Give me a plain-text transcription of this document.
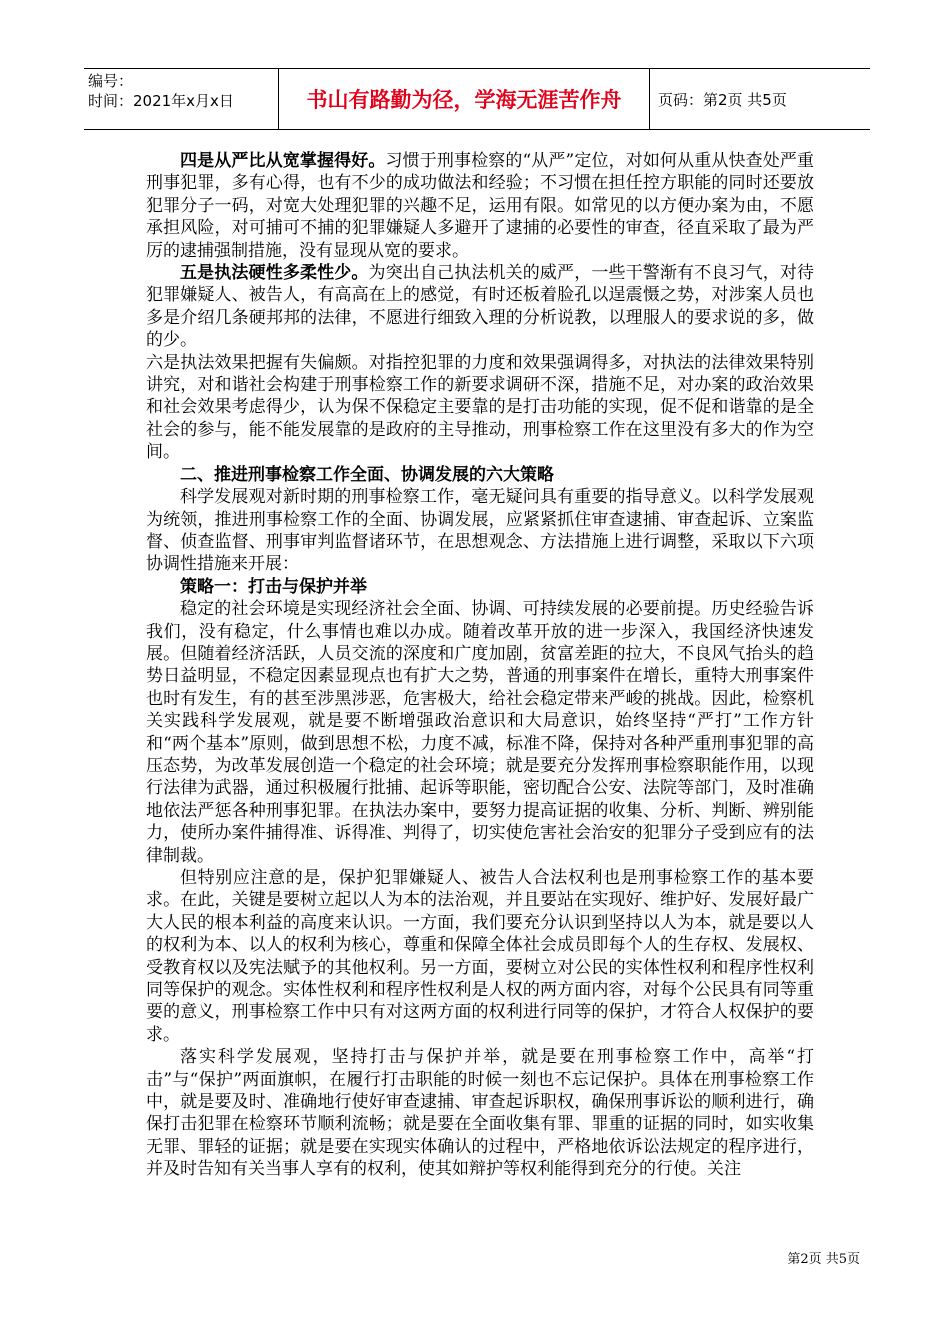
编号：
时间：2021年x月x日	书山有路勤为径，学海无涯苦作舟 页码：第2页 共5页

四是从严比从宽掌握得好。习惯于刑事检察的“从严”定位，对如何从重从快查处严重刑事犯罪，多有心得，也有不少的成功做法和经验；不习惯在担任控方职能的同时还要放犯罪分子一码，对宽大处理犯罪的兴趣不足，运用有限。如常见的以方便办案为由，不愿承担风险，对可捕可不捕的犯罪嫌疑人多避开了逮捕的必要性的审查，径直采取了最为严厉的逮捕强制措施，没有显现从宽的要求。

五是执法硬性多柔性少。为突出自己执法机关的威严，一些干警渐有不良习气，对待犯罪嫌疑人、被告人，有高高在上的感觉，有时还板着脸孔以逞震慑之势，对涉案人员也多是介绍几条硬邦邦的法律，不愿进行细致入理的分析说教，以理服人的要求说的多，做的少。

六是执法效果把握有失偏颇。对指控犯罪的力度和效果强调得多，对执法的法律效果特别讲究，对和谐社会构建于刑事检察工作的新要求调研不深，措施不足，对办案的政治效果和社会效果考虑得少，认为保不保稳定主要靠的是打击功能的实现，促不促和谐靠的是全社会的参与，能不能发展靠的是政府的主导推动，刑事检察工作在这里没有多大的作为空间。

二、推进刑事检察工作全面、协调发展的六大策略

科学发展观对新时期的刑事检察工作，毫无疑问具有重要的指导意义。以科学发展观为统领，推进刑事检察工作的全面、协调发展，应紧紧抓住审查逮捕、审查起诉、立案监督、侦查监督、刑事审判监督诸环节，在思想观念、方法措施上进行调整，采取以下六项协调性措施来开展：

策略一：打击与保护并举

稳定的社会环境是实现经济社会全面、协调、可持续发展的必要前提。历史经验告诉我们，没有稳定，什么事情也难以办成。随着改革开放的进一步深入，我国经济快速发展。但随着经济活跃，人员交流的深度和广度加剧，贫富差距的拉大，不良风气抬头的趋势日益明显，不稳定因素显现点也有扩大之势，普通的刑事案件在增长，重特大刑事案件也时有发生，有的甚至涉黑涉恶，危害极大，给社会稳定带来严峻的挑战。因此，检察机关实践科学发展观，就是要不断增强政治意识和大局意识，始终坚持“严打”工作方针和“两个基本”原则，做到思想不松，力度不减，标准不降，保持对各种严重刑事犯罪的高压态势，为改革发展创造一个稳定的社会环境；就是要充分发挥刑事检察职能作用，以现行法律为武器，通过积极履行批捕、起诉等职能，密切配合公安、法院等部门，及时准确地依法严惩各种刑事犯罪。在执法办案中，要努力提高证据的收集、分析、判断、辨别能力，使所办案件捕得准、诉得准、判得了，切实使危害社会治安的犯罪分子受到应有的法律制裁。

但特别应注意的是，保护犯罪嫌疑人、被告人合法权利也是刑事检察工作的基本要求。在此，关键是要树立起以人为本的法治观，并且要站在实现好、维护好、发展好最广大人民的根本利益的高度来认识。一方面，我们要充分认识到坚持以人为本，就是要以人的权利为本、以人的权利为核心，尊重和保障全体社会成员即每个人的生存权、发展权、受教育权以及宪法赋予的其他权利。另一方面，要树立对公民的实体性权利和程序性权利同等保护的观念。实体性权利和程序性权利是人权的两方面内容，对每个公民具有同等重要的意义，刑事检察工作中只有对这两方面的权利进行同等的保护，才符合人权保护的要求。

落实科学发展观，坚持打击与保护并举，就是要在刑事检察工作中，高举“打击”与“保护”两面旗帜，在履行打击职能的时候一刻也不忘记保护。具体在刑事检察工作中，就是要及时、准确地行使好审查逮捕、审查起诉职权，确保刑事诉讼的顺利进行，确保打击犯罪在检察环节顺利流畅；就是要在全面收集有罪、罪重的证据的同时，如实收集无罪、罪轻的证据；就是要在实现实体确认的过程中，严格地依诉讼法规定的程序进行，并及时告知有关当事人享有的权利，使其如辩护等权利能得到充分的行使。关注

第2页 共5页
